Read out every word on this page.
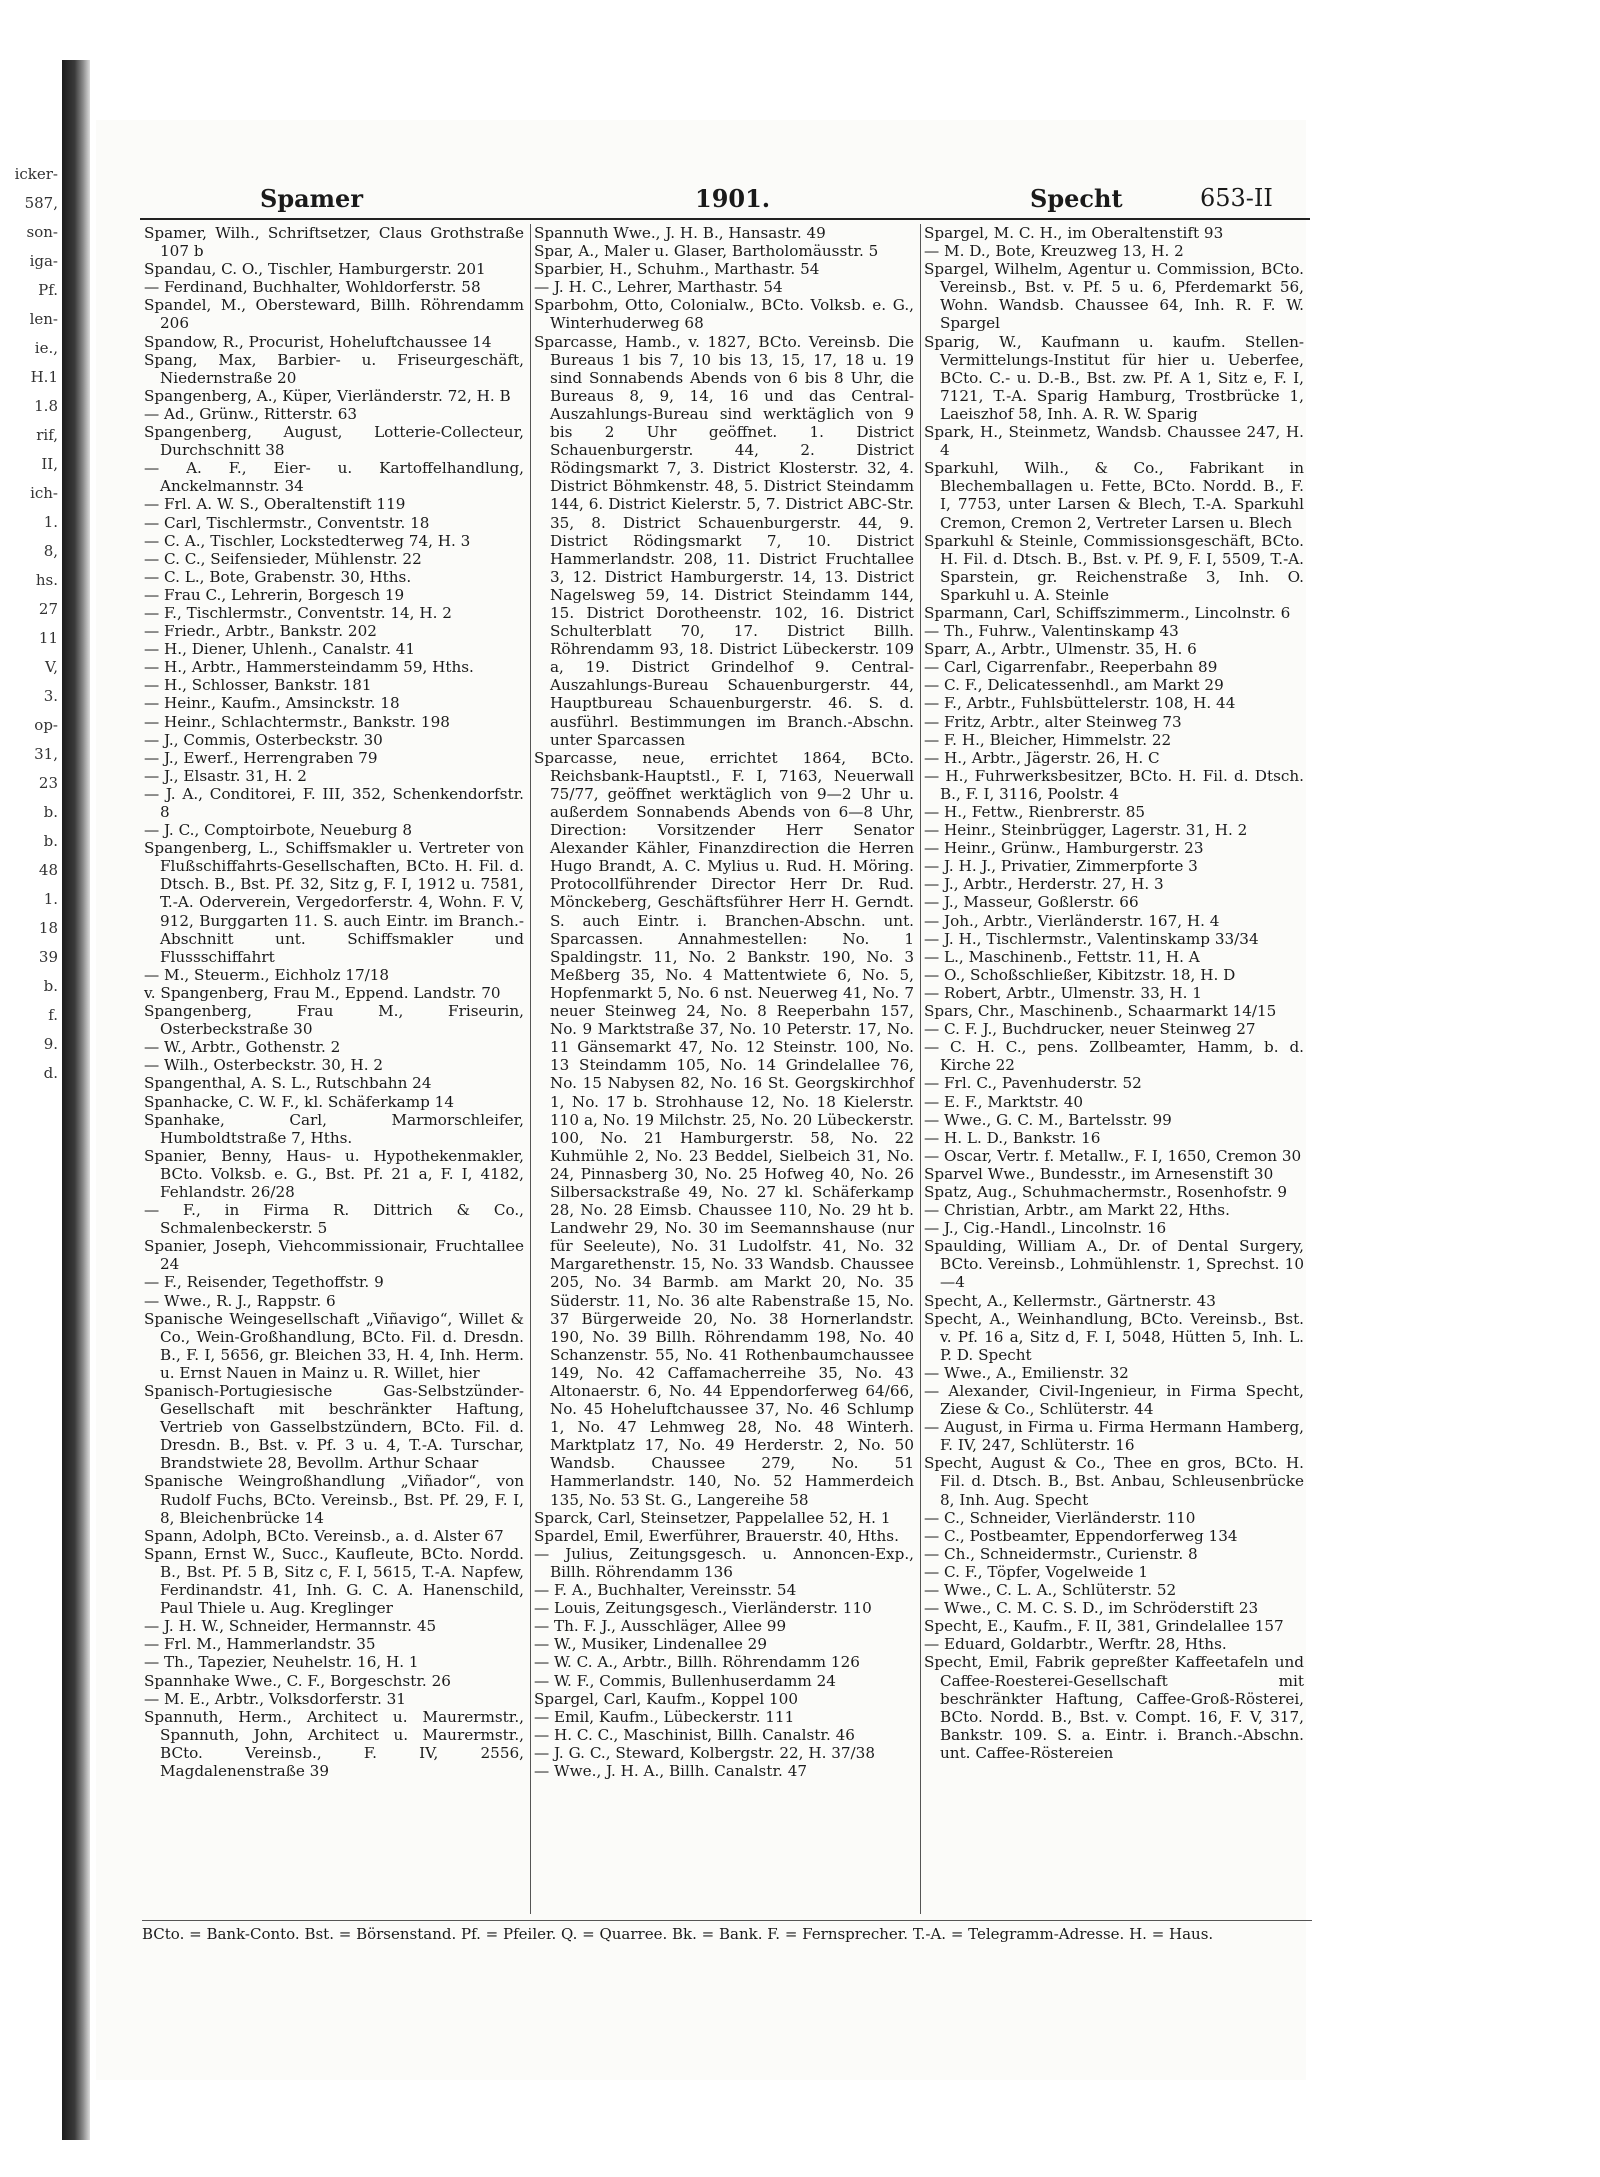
icker-
587,
son-
iga-
Pf.
len-
ie.,
H.1
1.8
rif,
II,
ich-
1.
8,
hs.
27
11
V,
3.
op-
31,
23
b.
b.
48
1.
18
39
b.
f.
9.
d.
Spamer	1901.	Specht	653-II

Spamer, Wilh., Schriftsetzer, Claus Grothstraße 107 b

Spandau, C. O., Tischler, Hamburgerstr. 201

— Ferdinand, Buchhalter, Wohldorferstr. 58

Spandel, M., Obersteward, Billh. Röhrendamm 206

Spandow, R., Procurist, Hoheluftchaussee 14

Spang, Max, Barbier- u. Friseurgeschäft, Niedernstraße 20

Spangenberg, A., Küper, Vierländerstr. 72, H. B

— Ad., Grünw., Ritterstr. 63

Spangenberg, August, Lotterie-Collecteur, Durchschnitt 38

— A. F., Eier- u. Kartoffelhandlung, Anckelmannstr. 34

— Frl. A. W. S., Oberaltenstift 119

— Carl, Tischlermstr., Conventstr. 18

— C. A., Tischler, Lockstedterweg 74, H. 3

— C. C., Seifensieder, Mühlenstr. 22

— C. L., Bote, Grabenstr. 30, Hths.

— Frau C., Lehrerin, Borgesch 19

— F., Tischlermstr., Conventstr. 14, H. 2

— Friedr., Arbtr., Bankstr. 202

— H., Diener, Uhlenh., Canalstr. 41

— H., Arbtr., Hammersteindamm 59, Hths.

— H., Schlosser, Bankstr. 181

— Heinr., Kaufm., Amsinckstr. 18

— Heinr., Schlachtermstr., Bankstr. 198

— J., Commis, Osterbeckstr. 30

— J., Ewerf., Herrengraben 79

— J., Elsastr. 31, H. 2

— J. A., Conditorei, F. III, 352, Schenkendorfstr. 8

— J. C., Comptoirbote, Neueburg 8

Spangenberg, L., Schiffsmakler u. Vertreter von Flußschiffahrts-Gesellschaften, BCto. H. Fil. d. Dtsch. B., Bst. Pf. 32, Sitz g, F. I, 1912 u. 7581, T.-A. Oderverein, Vergedorferstr. 4, Wohn. F. V, 912, Burggarten 11. S. auch Eintr. im Branch.-Abschnitt unt. Schiffsmakler und Flussschiffahrt

— M., Steuerm., Eichholz 17/18

v. Spangenberg, Frau M., Eppend. Landstr. 70

Spangenberg, Frau M., Friseurin, Osterbeckstraße 30

— W., Arbtr., Gothenstr. 2

— Wilh., Osterbeckstr. 30, H. 2

Spangenthal, A. S. L., Rutschbahn 24

Spanhacke, C. W. F., kl. Schäferkamp 14

Spanhake, Carl, Marmorschleifer, Humboldtstraße 7, Hths.

Spanier, Benny, Haus- u. Hypothekenmakler, BCto. Volksb. e. G., Bst. Pf. 21 a, F. I, 4182, Fehlandstr. 26/28

— F., in Firma R. Dittrich & Co., Schmalenbeckerstr. 5

Spanier, Joseph, Viehcommissionair, Fruchtallee 24

— F., Reisender, Tegethoffstr. 9

— Wwe., R. J., Rappstr. 6

Spanische Weingesellschaft „Viñavigo“, Willet & Co., Wein-Großhandlung, BCto. Fil. d. Dresdn. B., F. I, 5656, gr. Bleichen 33, H. 4, Inh. Herm. u. Ernst Nauen in Mainz u. R. Willet, hier

Spanisch-Portugiesische Gas-Selbstzünder-Gesellschaft mit beschränkter Haftung, Vertrieb von Gasselbstzündern, BCto. Fil. d. Dresdn. B., Bst. v. Pf. 3 u. 4, T.-A. Turschar, Brandstwiete 28, Bevollm. Arthur Schaar

Spanische Weingroßhandlung „Viñador“, von Rudolf Fuchs, BCto. Vereinsb., Bst. Pf. 29, F. I, 8, Bleichenbrücke 14

Spann, Adolph, BCto. Vereinsb., a. d. Alster 67

Spann, Ernst W., Succ., Kaufleute, BCto. Nordd. B., Bst. Pf. 5 B, Sitz c, F. I, 5615, T.-A. Napfew, Ferdinandstr. 41, Inh. G. C. A. Hanenschild, Paul Thiele u. Aug. Kreglinger

— J. H. W., Schneider, Hermannstr. 45

— Frl. M., Hammerlandstr. 35

— Th., Tapezier, Neuhelstr. 16, H. 1

Spannhake Wwe., C. F., Borgeschstr. 26

— M. E., Arbtr., Volksdorferstr. 31

Spannuth, Herm., Architect u. Maurermstr., Spannuth, John, Architect u. Maurermstr., BCto. Vereinsb., F. IV, 2556, Magdalenenstraße 39

Spannuth Wwe., J. H. B., Hansastr. 49

Spar, A., Maler u. Glaser, Bartholomäusstr. 5

Sparbier, H., Schuhm., Marthastr. 54

— J. H. C., Lehrer, Marthastr. 54

Sparbohm, Otto, Colonialw., BCto. Volksb. e. G., Winterhuderweg 68

Sparcasse, Hamb., v. 1827, BCto. Vereinsb. Die Bureaus 1 bis 7, 10 bis 13, 15, 17, 18 u. 19 sind Sonnabends Abends von 6 bis 8 Uhr, die Bureaus 8, 9, 14, 16 und das Central-Auszahlungs-Bureau sind werktäglich von 9 bis 2 Uhr geöffnet. 1. District Schauenburgerstr. 44, 2. District Rödingsmarkt 7, 3. District Klosterstr. 32, 4. District Böhmkenstr. 48, 5. District Steindamm 144, 6. District Kielerstr. 5, 7. District ABC-Str. 35, 8. District Schauenburgerstr. 44, 9. District Rödingsmarkt 7, 10. District Hammerlandstr. 208, 11. District Fruchtallee 3, 12. District Hamburgerstr. 14, 13. District Nagelsweg 59, 14. District Steindamm 144, 15. District Dorotheenstr. 102, 16. District Schulterblatt 70, 17. District Billh. Röhrendamm 93, 18. District Lübeckerstr. 109 a, 19. District Grindelhof 9. Central-Auszahlungs-Bureau Schauenburgerstr. 44, Hauptbureau Schauenburgerstr. 46. S. d. ausführl. Bestimmungen im Branch.-Abschn. unter Sparcassen

Sparcasse, neue, errichtet 1864, BCto. Reichsbank-Hauptstl., F. I, 7163, Neuerwall 75/77, geöffnet werktäglich von 9—2 Uhr u. außerdem Sonnabends Abends von 6—8 Uhr, Direction: Vorsitzender Herr Senator Alexander Kähler, Finanzdirection die Herren Hugo Brandt, A. C. Mylius u. Rud. H. Möring. Protocollführender Director Herr Dr. Rud. Mönckeberg, Geschäftsführer Herr H. Gerndt. S. auch Eintr. i. Branchen-Abschn. unt. Sparcassen. Annahmestellen: No. 1 Spaldingstr. 11, No. 2 Bankstr. 190, No. 3 Meßberg 35, No. 4 Mattentwiete 6, No. 5, Hopfenmarkt 5, No. 6 nst. Neuerweg 41, No. 7 neuer Steinweg 24, No. 8 Reeperbahn 157, No. 9 Marktstraße 37, No. 10 Peterstr. 17, No. 11 Gänsemarkt 47, No. 12 Steinstr. 100, No. 13 Steindamm 105, No. 14 Grindelallee 76, No. 15 Nabysen 82, No. 16 St. Georgskirchhof 1, No. 17 b. Strohhause 12, No. 18 Kielerstr. 110 a, No. 19 Milchstr. 25, No. 20 Lübeckerstr. 100, No. 21 Hamburgerstr. 58, No. 22 Kuhmühle 2, No. 23 Beddel, Sielbeich 31, No. 24, Pinnasberg 30, No. 25 Hofweg 40, No. 26 Silbersackstraße 49, No. 27 kl. Schäferkamp 28, No. 28 Eimsb. Chaussee 110, No. 29 ht b. Landwehr 29, No. 30 im Seemannshause (nur für Seeleute), No. 31 Ludolfstr. 41, No. 32 Margarethenstr. 15, No. 33 Wandsb. Chaussee 205, No. 34 Barmb. am Markt 20, No. 35 Süderstr. 11, No. 36 alte Rabenstraße 15, No. 37 Bürgerweide 20, No. 38 Hornerlandstr. 190, No. 39 Billh. Röhrendamm 198, No. 40 Schanzenstr. 55, No. 41 Rothenbaumchaussee 149, No. 42 Caffamacherreihe 35, No. 43 Altonaerstr. 6, No. 44 Eppendorferweg 64/66, No. 45 Hoheluftchaussee 37, No. 46 Schlump 1, No. 47 Lehmweg 28, No. 48 Winterh. Marktplatz 17, No. 49 Herderstr. 2, No. 50 Wandsb. Chaussee 279, No. 51 Hammerlandstr. 140, No. 52 Hammerdeich 135, No. 53 St. G., Langereihe 58

Sparck, Carl, Steinsetzer, Pappelallee 52, H. 1

Spardel, Emil, Ewerführer, Brauerstr. 40, Hths.

— Julius, Zeitungsgesch. u. Annoncen-Exp., Billh. Röhrendamm 136

— F. A., Buchhalter, Vereinsstr. 54

— Louis, Zeitungsgesch., Vierländerstr. 110

— Th. F. J., Ausschläger, Allee 99

— W., Musiker, Lindenallee 29

— W. C. A., Arbtr., Billh. Röhrendamm 126

— W. F., Commis, Bullenhuserdamm 24

Spargel, Carl, Kaufm., Koppel 100

— Emil, Kaufm., Lübeckerstr. 111

— H. C. C., Maschinist, Billh. Canalstr. 46

— J. G. C., Steward, Kolbergstr. 22, H. 37/38

— Wwe., J. H. A., Billh. Canalstr. 47

Spargel, M. C. H., im Oberaltenstift 93

— M. D., Bote, Kreuzweg 13, H. 2

Spargel, Wilhelm, Agentur u. Commission, BCto. Vereinsb., Bst. v. Pf. 5 u. 6, Pferdemarkt 56, Wohn. Wandsb. Chaussee 64, Inh. R. F. W. Spargel

Sparig, W., Kaufmann u. kaufm. Stellen-Vermittelungs-Institut für hier u. Ueberfee, BCto. C.- u. D.-B., Bst. zw. Pf. A 1, Sitz e, F. I, 7121, T.-A. Sparig Hamburg, Trostbrücke 1, Laeiszhof 58, Inh. A. R. W. Sparig

Spark, H., Steinmetz, Wandsb. Chaussee 247, H. 4

Sparkuhl, Wilh., & Co., Fabrikant in Blechemballagen u. Fette, BCto. Nordd. B., F. I, 7753, unter Larsen & Blech, T.-A. Sparkuhl Cremon, Cremon 2, Vertreter Larsen u. Blech

Sparkuhl & Steinle, Commissionsgeschäft, BCto. H. Fil. d. Dtsch. B., Bst. v. Pf. 9, F. I, 5509, T.-A. Sparstein, gr. Reichenstraße 3, Inh. O. Sparkuhl u. A. Steinle

Sparmann, Carl, Schiffszimmerm., Lincolnstr. 6

— Th., Fuhrw., Valentinskamp 43

Sparr, A., Arbtr., Ulmenstr. 35, H. 6

— Carl, Cigarrenfabr., Reeperbahn 89

— C. F., Delicatessenhdl., am Markt 29

— F., Arbtr., Fuhlsbüttelerstr. 108, H. 44

— Fritz, Arbtr., alter Steinweg 73

— F. H., Bleicher, Himmelstr. 22

— H., Arbtr., Jägerstr. 26, H. C

— H., Fuhrwerksbesitzer, BCto. H. Fil. d. Dtsch. B., F. I, 3116, Poolstr. 4

— H., Fettw., Rienbrerstr. 85

— Heinr., Steinbrügger, Lagerstr. 31, H. 2

— Heinr., Grünw., Hamburgerstr. 23

— J. H. J., Privatier, Zimmerpforte 3

— J., Arbtr., Herderstr. 27, H. 3

— J., Masseur, Goßlerstr. 66

— Joh., Arbtr., Vierländerstr. 167, H. 4

— J. H., Tischlermstr., Valentinskamp 33/34

— L., Maschinenb., Fettstr. 11, H. A

— O., Schoßschließer, Kibitzstr. 18, H. D

— Robert, Arbtr., Ulmenstr. 33, H. 1

Spars, Chr., Maschinenb., Schaarmarkt 14/15

— C. F. J., Buchdrucker, neuer Steinweg 27

— C. H. C., pens. Zollbeamter, Hamm, b. d. Kirche 22

— Frl. C., Pavenhuderstr. 52

— E. F., Marktstr. 40

— Wwe., G. C. M., Bartelsstr. 99

— H. L. D., Bankstr. 16

— Oscar, Vertr. f. Metallw., F. I, 1650, Cremon 30

Sparvel Wwe., Bundesstr., im Arnesenstift 30

Spatz, Aug., Schuhmachermstr., Rosenhofstr. 9

— Christian, Arbtr., am Markt 22, Hths.

— J., Cig.-Handl., Lincolnstr. 16

Spaulding, William A., Dr. of Dental Surgery, BCto. Vereinsb., Lohmühlenstr. 1, Sprechst. 10—4

Specht, A., Kellermstr., Gärtnerstr. 43

Specht, A., Weinhandlung, BCto. Vereinsb., Bst. v. Pf. 16 a, Sitz d, F. I, 5048, Hütten 5, Inh. L. P. D. Specht

— Wwe., A., Emilienstr. 32

— Alexander, Civil-Ingenieur, in Firma Specht, Ziese & Co., Schlüterstr. 44

— August, in Firma u. Firma Hermann Hamberg, F. IV, 247, Schlüterstr. 16

Specht, August & Co., Thee en gros, BCto. H. Fil. d. Dtsch. B., Bst. Anbau, Schleusenbrücke 8, Inh. Aug. Specht

— C., Schneider, Vierländerstr. 110

— C., Postbeamter, Eppendorferweg 134

— Ch., Schneidermstr., Curienstr. 8

— C. F., Töpfer, Vogelweide 1

— Wwe., C. L. A., Schlüterstr. 52

— Wwe., C. M. C. S. D., im Schröderstift 23

Specht, E., Kaufm., F. II, 381, Grindelallee 157

— Eduard, Goldarbtr., Werftr. 28, Hths.

Specht, Emil, Fabrik gepreßter Kaffeetafeln und Caffee-Roesterei-Gesellschaft mit beschränkter Haftung, Caffee-Groß-Rösterei, BCto. Nordd. B., Bst. v. Compt. 16, F. V, 317, Bankstr. 109. S. a. Eintr. i. Branch.-Abschn. unt. Caffee-Röstereien

BCto. = Bank-Conto. Bst. = Börsenstand. Pf. = Pfeiler. Q. = Quarree. Bk. = Bank. F. = Fernsprecher. T.-A. = Telegramm-Adresse. H. = Haus.
